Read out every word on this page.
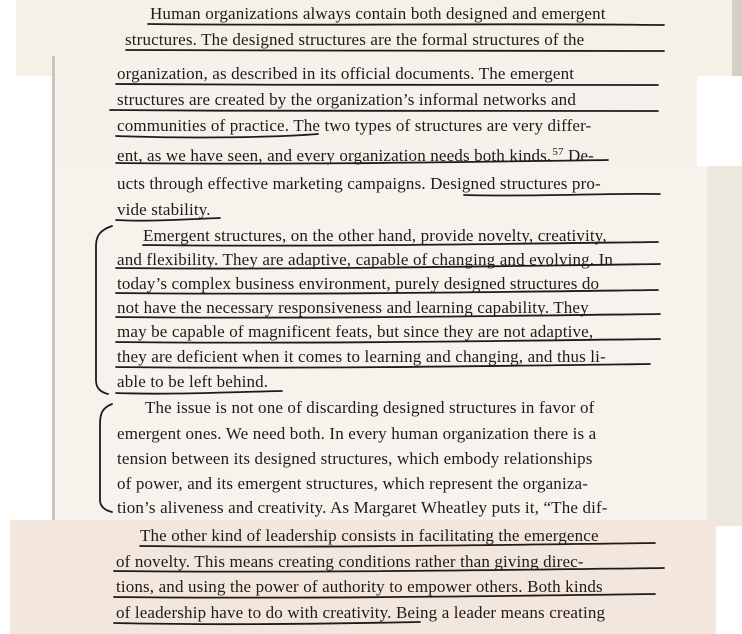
Human organizations always contain both designed and emergent

structures. The designed structures are the formal structures of the

organization, as described in its official documents. The emergent

structures are created by the organization’s informal networks and

communities of practice. The two types of structures are very differ-

ent, as we have seen, and every organization needs both kinds.$^{57}$ De-

ucts through effective marketing campaigns. Designed structures pro-

vide stability.

Emergent structures, on the other hand, provide novelty, creativity,

and flexibility. They are adaptive, capable of changing and evolving. In

today’s complex business environment, purely designed structures do

not have the necessary responsiveness and learning capability. They

may be capable of magnificent feats, but since they are not adaptive,

they are deficient when it comes to learning and changing, and thus li-

able to be left behind.

The issue is not one of discarding designed structures in favor of

emergent ones. We need both. In every human organization there is a

tension between its designed structures, which embody relationships

of power, and its emergent structures, which represent the organiza-

tion’s aliveness and creativity. As Margaret Wheatley puts it, “The dif-

The other kind of leadership consists in facilitating the emergence

of novelty. This means creating conditions rather than giving direc-

tions, and using the power of authority to empower others. Both kinds

of leadership have to do with creativity. Being a leader means creating
